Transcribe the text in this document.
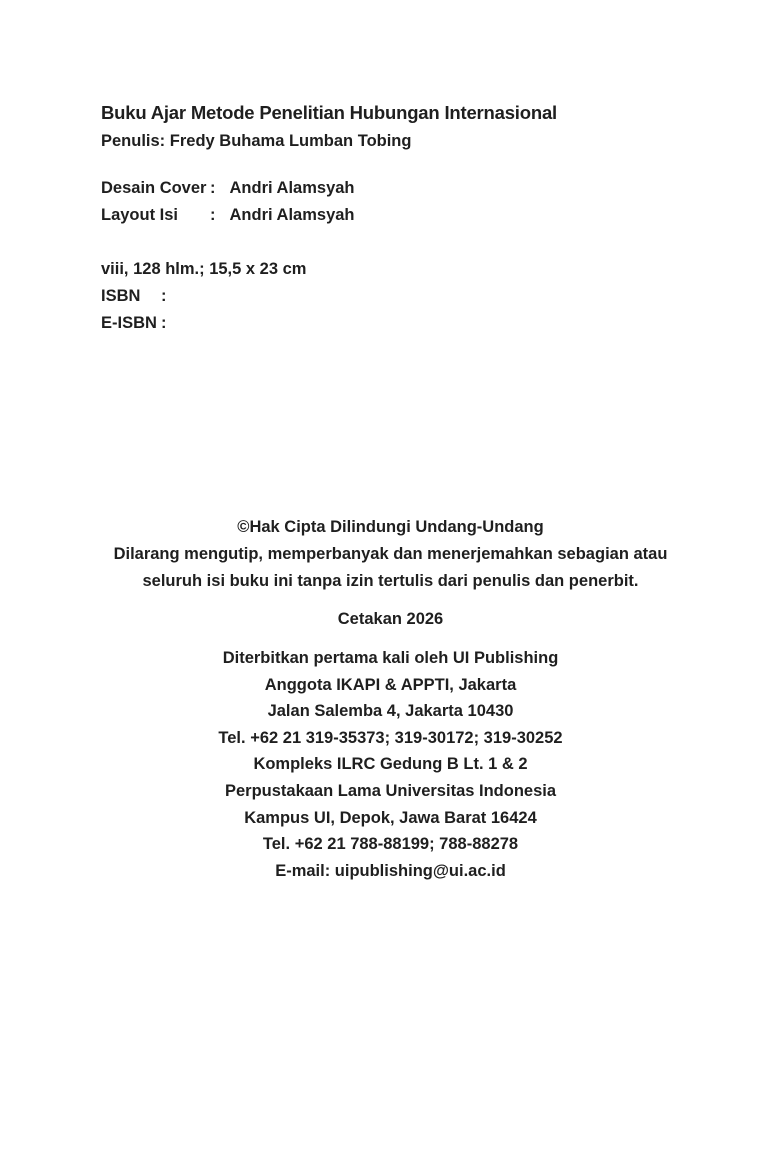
Buku Ajar Metode Penelitian Hubungan Internasional
Penulis: Fredy Buhama Lumban Tobing
Desain Cover : Andri Alamsyah
Layout Isi : Andri Alamsyah
viii, 128 hlm.; 15,5 x 23 cm
ISBN :
E-ISBN :
©Hak Cipta Dilindungi Undang-Undang
Dilarang mengutip, memperbanyak dan menerjemahkan sebagian atau
seluruh isi buku ini tanpa izin tertulis dari penulis dan penerbit.
Cetakan 2026
Diterbitkan pertama kali oleh UI Publishing
Anggota IKAPI & APPTI, Jakarta
Jalan Salemba 4, Jakarta 10430
Tel. +62 21 319-35373; 319-30172; 319-30252
Kompleks ILRC Gedung B Lt. 1 & 2
Perpustakaan Lama Universitas Indonesia
Kampus UI, Depok, Jawa Barat 16424
Tel. +62 21 788-88199; 788-88278
E-mail: uipublishing@ui.ac.id
